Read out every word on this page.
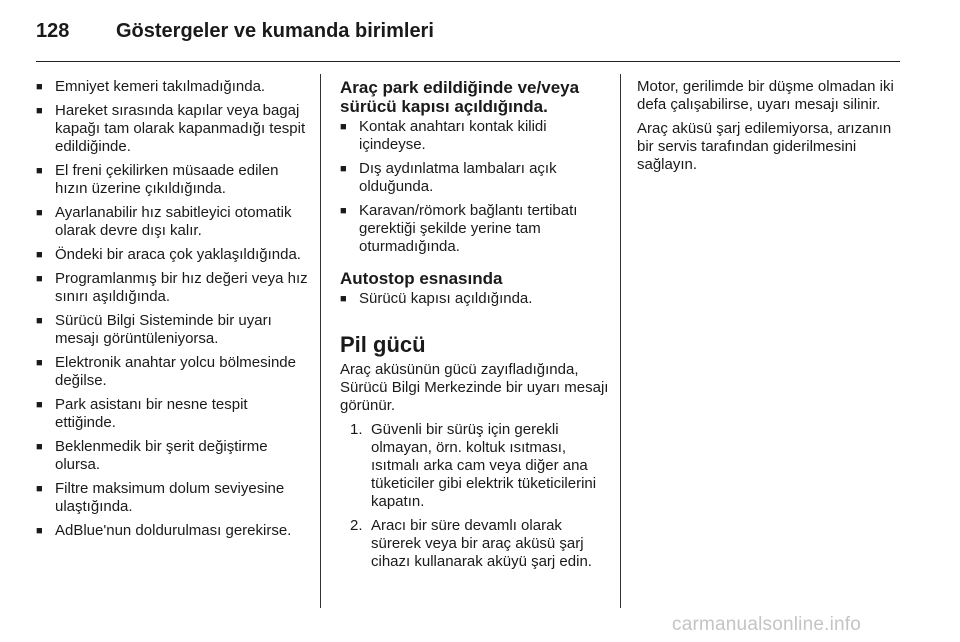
128 Göstergeler ve kumanda birimleri
■ Emniyet kemeri takılmadığında.
■ Hareket sırasında kapılar veya bagaj kapağı tam olarak kapanmadığı tespit edildiğinde.
■ El freni çekilirken müsaade edilen hızın üzerine çıkıldığında.
■ Ayarlanabilir hız sabitleyici otomatik olarak devre dışı kalır.
■ Öndeki bir araca çok yaklaşıldığında.
■ Programlanmış bir hız değeri veya hız sınırı aşıldığında.
■ Sürücü Bilgi Sisteminde bir uyarı mesajı görüntüleniyorsa.
■ Elektronik anahtar yolcu bölmesinde değilse.
■ Park asistanı bir nesne tespit ettiğinde.
■ Beklenmedik bir şerit değiştirme olursa.
■ Filtre maksimum dolum seviyesine ulaştığında.
■ AdBlue'nun doldurulması gerekirse.
Araç park edildiğinde ve/veya sürücü kapısı açıldığında.
■ Kontak anahtarı kontak kilidi içindeyse.
■ Dış aydınlatma lambaları açık olduğunda.
■ Karavan/römork bağlantı tertibatı gerektiği şekilde yerine tam oturmadığında.
Autostop esnasında
■ Sürücü kapısı açıldığında.
Pil gücü
Araç aküsünün gücü zayıfladığında, Sürücü Bilgi Merkezinde bir uyarı mesajı görünür.
1. Güvenli bir sürüş için gerekli olmayan, örn. koltuk ısıtması, ısıtmalı arka cam veya diğer ana tüketiciler gibi elektrik tüketicilerini kapatın.
2. Aracı bir süre devamlı olarak sürerek veya bir araç aküsü şarj cihazı kullanarak aküyü şarj edin.
Motor, gerilimde bir düşme olmadan iki defa çalışabilirse, uyarı mesajı silinir.
Araç aküsü şarj edilemiyorsa, arızanın bir servis tarafından giderilmesini sağlayın.
carmanualsonline.info
